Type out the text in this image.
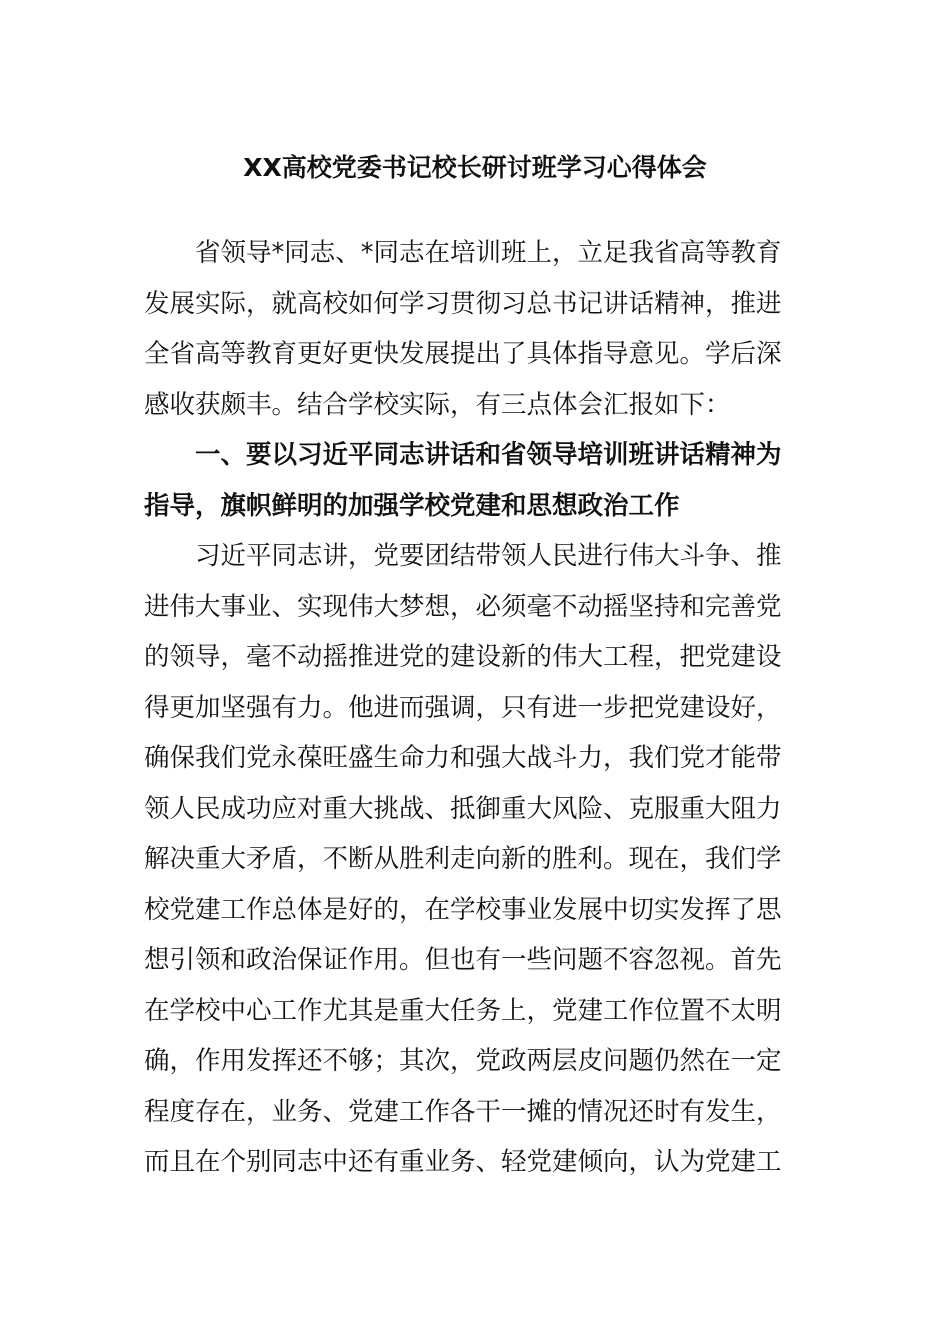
XX高校党委书记校长研讨班学习心得体会
省领导*同志、*同志在培训班上，立足我省高等教育
发展实际，就高校如何学习贯彻习总书记讲话精神，推进
全省高等教育更好更快发展提出了具体指导意见。学后深
感收获颇丰。结合学校实际，有三点体会汇报如下：
一、要以习近平同志讲话和省领导培训班讲话精神为
指导，旗帜鲜明的加强学校党建和思想政治工作
习近平同志讲，党要团结带领人民进行伟大斗争、推
进伟大事业、实现伟大梦想，必须毫不动摇坚持和完善党
的领导，毫不动摇推进党的建设新的伟大工程，把党建设
得更加坚强有力。他进而强调，只有进一步把党建设好，
确保我们党永葆旺盛生命力和强大战斗力，我们党才能带
领人民成功应对重大挑战、抵御重大风险、克服重大阻力
解决重大矛盾，不断从胜利走向新的胜利。现在，我们学
校党建工作总体是好的，在学校事业发展中切实发挥了思
想引领和政治保证作用。但也有一些问题不容忽视。首先
在学校中心工作尤其是重大任务上，党建工作位置不太明
确，作用发挥还不够；其次，党政两层皮问题仍然在一定
程度存在，业务、党建工作各干一摊的情况还时有发生，
而且在个别同志中还有重业务、轻党建倾向，认为党建工
